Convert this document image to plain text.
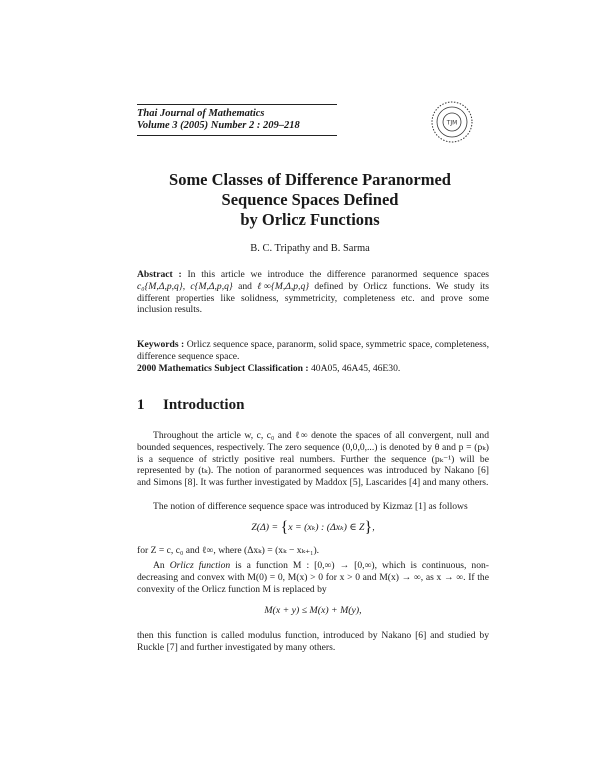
Thai Journal of Mathematics
Volume 3 (2005) Number 2 : 209–218	TJM
Some Classes of Difference Paranormed
Sequence Spaces Defined
by Orlicz Functions
B. C. Tripathy and B. Sarma
Abstract : In this article we introduce the difference paranormed sequence spaces c₀{M,Δ,p,q}, c{M,Δ,p,q} and ℓ∞{M,Δ,p,q} defined by Orlicz functions. We study its different properties like solidness, symmetricity, completeness etc. and prove some inclusion results.
Keywords : Orlicz sequence space, paranorm, solid space, symmetric space, completeness, difference sequence space.
2000 Mathematics Subject Classification : 40A05, 46A45, 46E30.
1 Introduction
Throughout the article w, c, c₀ and ℓ∞ denote the spaces of all convergent, null and bounded sequences, respectively. The zero sequence (0,0,0,...) is denoted by θ and p = (pₖ) is a sequence of strictly positive real numbers. Further the sequence (pₖ⁻¹) will be represented by (tₖ). The notion of paranormed sequences was introduced by Nakano [6] and Simons [8]. It was further investigated by Maddox [5], Lascarides [4] and many others.
The notion of difference sequence space was introduced by Kizmaz [1] as follows
Z(Δ) = {x = (xₖ) : (Δxₖ) ∈ Z},
for Z = c, c₀ and ℓ∞, where (Δxₖ) = (xₖ − xₖ₊₁).
An Orlicz function is a function M : [0,∞) → [0,∞), which is continuous, non-decreasing and convex with M(0) = 0, M(x) > 0 for x > 0 and M(x) → ∞, as x → ∞. If the convexity of the Orlicz function M is replaced by
M(x + y) ≤ M(x) + M(y),
then this function is called modulus function, introduced by Nakano [6] and studied by Ruckle [7] and further investigated by many others.
